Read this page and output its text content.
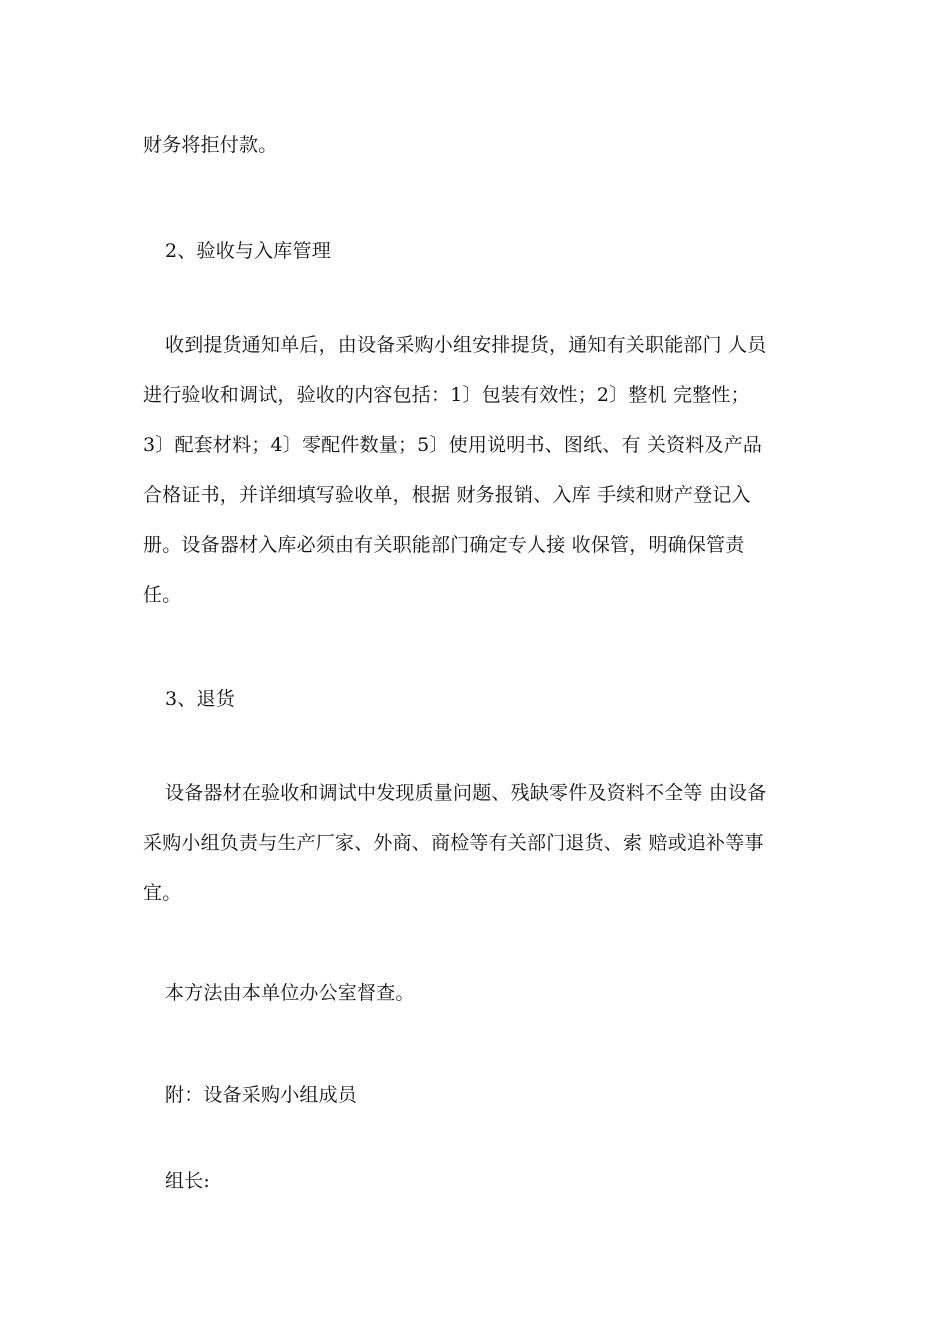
财务将拒付款。
2、验收与入库管理
收到提货通知单后，由设备采购小组安排提货，通知有关职能部门 人员
进行验收和调试，验收的内容包括：1〕包装有效性；2〕整机 完整性；
3〕配套材料；4〕零配件数量；5〕使用说明书、图纸、有 关资料及产品
合格证书，并详细填写验收单，根据 财务报销、入库 手续和财产登记入
册。设备器材入库必须由有关职能部门确定专人接 收保管，明确保管责
任。
3、退货
设备器材在验收和调试中发现质量问题、残缺零件及资料不全等 由设备
采购小组负责与生产厂家、外商、商检等有关部门退货、索 赔或追补等事
宜。
本方法由本单位办公室督查。
附：设备采购小组成员
组长:
